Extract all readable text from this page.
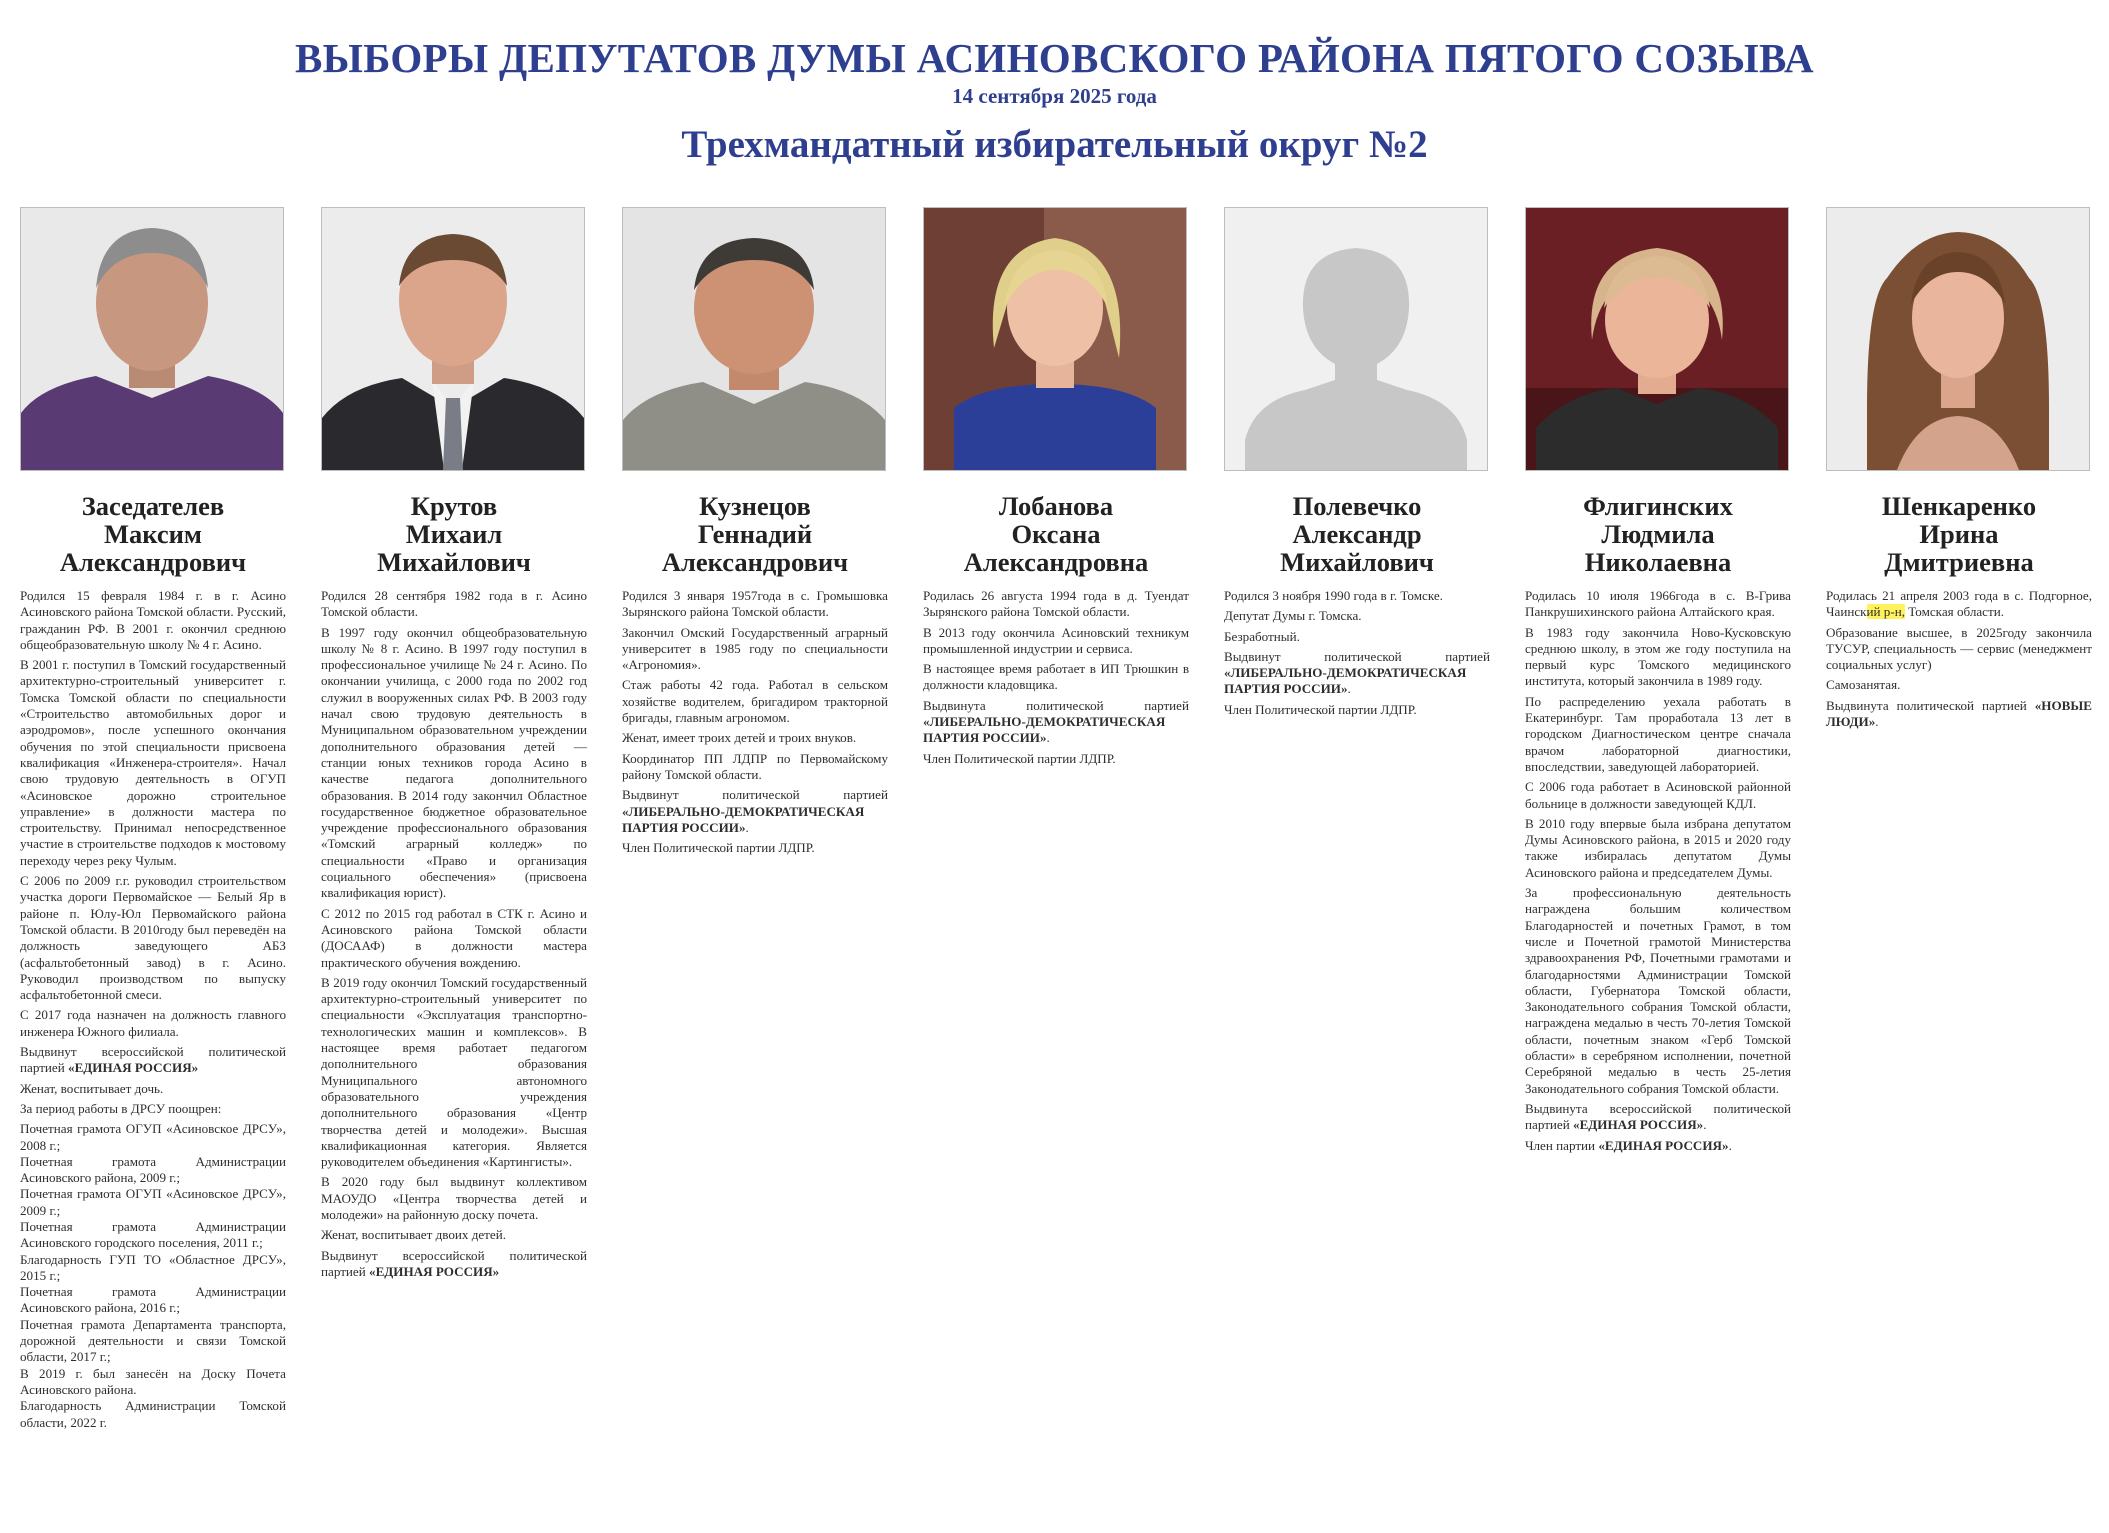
ВЫБОРЫ ДЕПУТАТОВ ДУМЫ АСИНОВСКОГО РАЙОНА ПЯТОГО СОЗЫВА
14 сентября 2025 года
Трехмандатный избирательный округ №2
Заседателев
Максим
Александрович

Родился 15 февраля 1984 г. в г. Асино Асиновского района Томской области. Русский, гражданин РФ. В 2001 г. окончил среднюю общеобразовательную школу № 4 г. Асино.

В 2001 г. поступил в Томский государственный архитектурно-строительный университет г. Томска Томской области по специальности «Строительство автомобильных дорог и аэродромов», после успешного окончания обучения по этой специальности присвоена квалификация «Инженера-строителя». Начал свою трудовую деятельность в ОГУП «Асиновское дорожно строительное управление» в должности мастера по строительству. Принимал непосредственное участие в строительстве подходов к мостовому переходу через реку Чулым.

С 2006 по 2009 г.г. руководил строительством участка дороги Первомайское — Белый Яр в районе п. Юлу-Юл Первомайского района Томской области. В 2010году был переведён на должность заведующего АБЗ (асфальтобетонный завод) в г. Асино. Руководил производством по выпуску асфальтобетонной смеси.

С 2017 года назначен на должность главного инженера Южного филиала.

Выдвинут всероссийской политической партией «ЕДИНАЯ РОССИЯ»

Женат, воспитывает дочь.

За период работы в ДРСУ поощрен:

Почетная грамота ОГУП «Асиновское ДРСУ», 2008 г.;

Почетная грамота Администрации Асиновского района, 2009 г.;

Почетная грамота ОГУП «Асиновское ДРСУ», 2009 г.;

Почетная грамота Администрации Асиновского городского поселения, 2011 г.;

Благодарность ГУП ТО «Областное ДРСУ», 2015 г.;

Почетная грамота Администрации Асиновского района, 2016 г.;

Почетная грамота Департамента транспорта, дорожной деятельности и связи Томской области, 2017 г.;

В 2019 г. был занесён на Доску Почета Асиновского района.

Благодарность Администрации Томской области, 2022 г.

Крутов
Михаил
Михайлович

Родился 28 сентября 1982 года в г. Асино Томской области.

В 1997 году окончил общеобразовательную школу № 8 г. Асино. В 1997 году поступил в профессиональное училище № 24 г. Асино. По окончании училища, с 2000 года по 2002 год служил в вооруженных силах РФ. В 2003 году начал свою трудовую деятельность в Муниципальном образовательном учреждении дополнительного образования детей — станции юных техников города Асино в качестве педагога дополнительного образования. В 2014 году закончил Областное государственное бюджетное образовательное учреждение профессионального образования «Томский аграрный колледж» по специальности «Право и организация социального обеспечения» (присвоена квалификация юрист).

С 2012 по 2015 год работал в СТК г. Асино и Асиновского района Томской области (ДОСААФ) в должности мастера практического обучения вождению.

В 2019 году окончил Томский государственный архитектурно-строительный университет по специальности «Эксплуатация транспортно-технологических машин и комплексов». В настоящее время работает педагогом дополнительного образования Муниципального автономного образовательного учреждения дополнительного образования «Центр творчества детей и молодежи». Высшая квалификационная категория. Является руководителем объединения «Картингисты».

В 2020 году был выдвинут коллективом МАОУДО «Центра творчества детей и молодежи» на районную доску почета.

Женат, воспитывает двоих детей.

Выдвинут всероссийской политической партией «ЕДИНАЯ РОССИЯ»

Кузнецов
Геннадий
Александрович

Родился 3 января 1957года в с. Громышовка Зырянского района Томской области.

Закончил Омский Государственный аграрный университет в 1985 году по специальности «Агрономия».

Стаж работы 42 года. Работал в сельском хозяйстве водителем, бригадиром тракторной бригады, главным агрономом.

Женат, имеет троих детей и троих внуков.

Координатор ПП ЛДПР по Первомайскому району Томской области.

Выдвинут политической партией «ЛИБЕРАЛЬНО-ДЕМОКРАТИЧЕСКАЯ ПАРТИЯ РОССИИ».

Член Политической партии ЛДПР.

Лобанова
Оксана
Александровна

Родилась 26 августа 1994 года в д. Туендат Зырянского района Томской области.

В 2013 году окончила Асиновский техникум промышленной индустрии и сервиса.

В настоящее время работает в ИП Трюшкин в должности кладовщика.

Выдвинута политической партией «ЛИБЕРАЛЬНО-ДЕМОКРАТИЧЕСКАЯ ПАРТИЯ РОССИИ».

Член Политической партии ЛДПР.

Полевечко
Александр
Михайлович

Родился 3 ноября 1990 года в г. Томске.

Депутат Думы г. Томска.

Безработный.

Выдвинут политической партией «ЛИБЕРАЛЬНО-ДЕМОКРАТИЧЕСКАЯ ПАРТИЯ РОССИИ».

Член Политической партии ЛДПР.

Флигинских
Людмила
Николаевна

Родилась 10 июля 1966года в с. В-Грива Панкрушихинского района Алтайского края.

В 1983 году закончила Ново-Кусковскую среднюю школу, в этом же году поступила на первый курс Томского медицинского института, который закончила в 1989 году.

По распределению уехала работать в Екатеринбург. Там проработала 13 лет в городском Диагностическом центре сначала врачом лабораторной диагностики, впоследствии, заведующей лабораторией.

С 2006 года работает в Асиновской районной больнице в должности заведующей КДЛ.

В 2010 году впервые была избрана депутатом Думы Асиновского района, в 2015 и 2020 году также избиралась депутатом Думы Асиновского района и председателем Думы.

За профессиональную деятельность награждена большим количеством Благодарностей и почетных Грамот, в том числе и Почетной грамотой Министерства здравоохранения РФ, Почетными грамотами и благодарностями Администрации Томской области, Губернатора Томской области, Законодательного собрания Томской области, награждена медалью в честь 70-летия Томской области, почетным знаком «Герб Томской области» в серебряном исполнении, почетной Серебряной медалью в честь 25-летия Законодательного собрания Томской области.

Выдвинута всероссийской политической партией «ЕДИНАЯ РОССИЯ».

Член партии «ЕДИНАЯ РОССИЯ».

Шенкаренко
Ирина
Дмитриевна

Родилась 21 апреля 2003 года в с. Подгорное, Чаинский р-н, Томская области.

Образование высшее, в 2025году закончила ТУСУР, специальность — сервис (менеджмент социальных услуг)

Самозанятая.

Выдвинута политической партией «НОВЫЕ ЛЮДИ».
